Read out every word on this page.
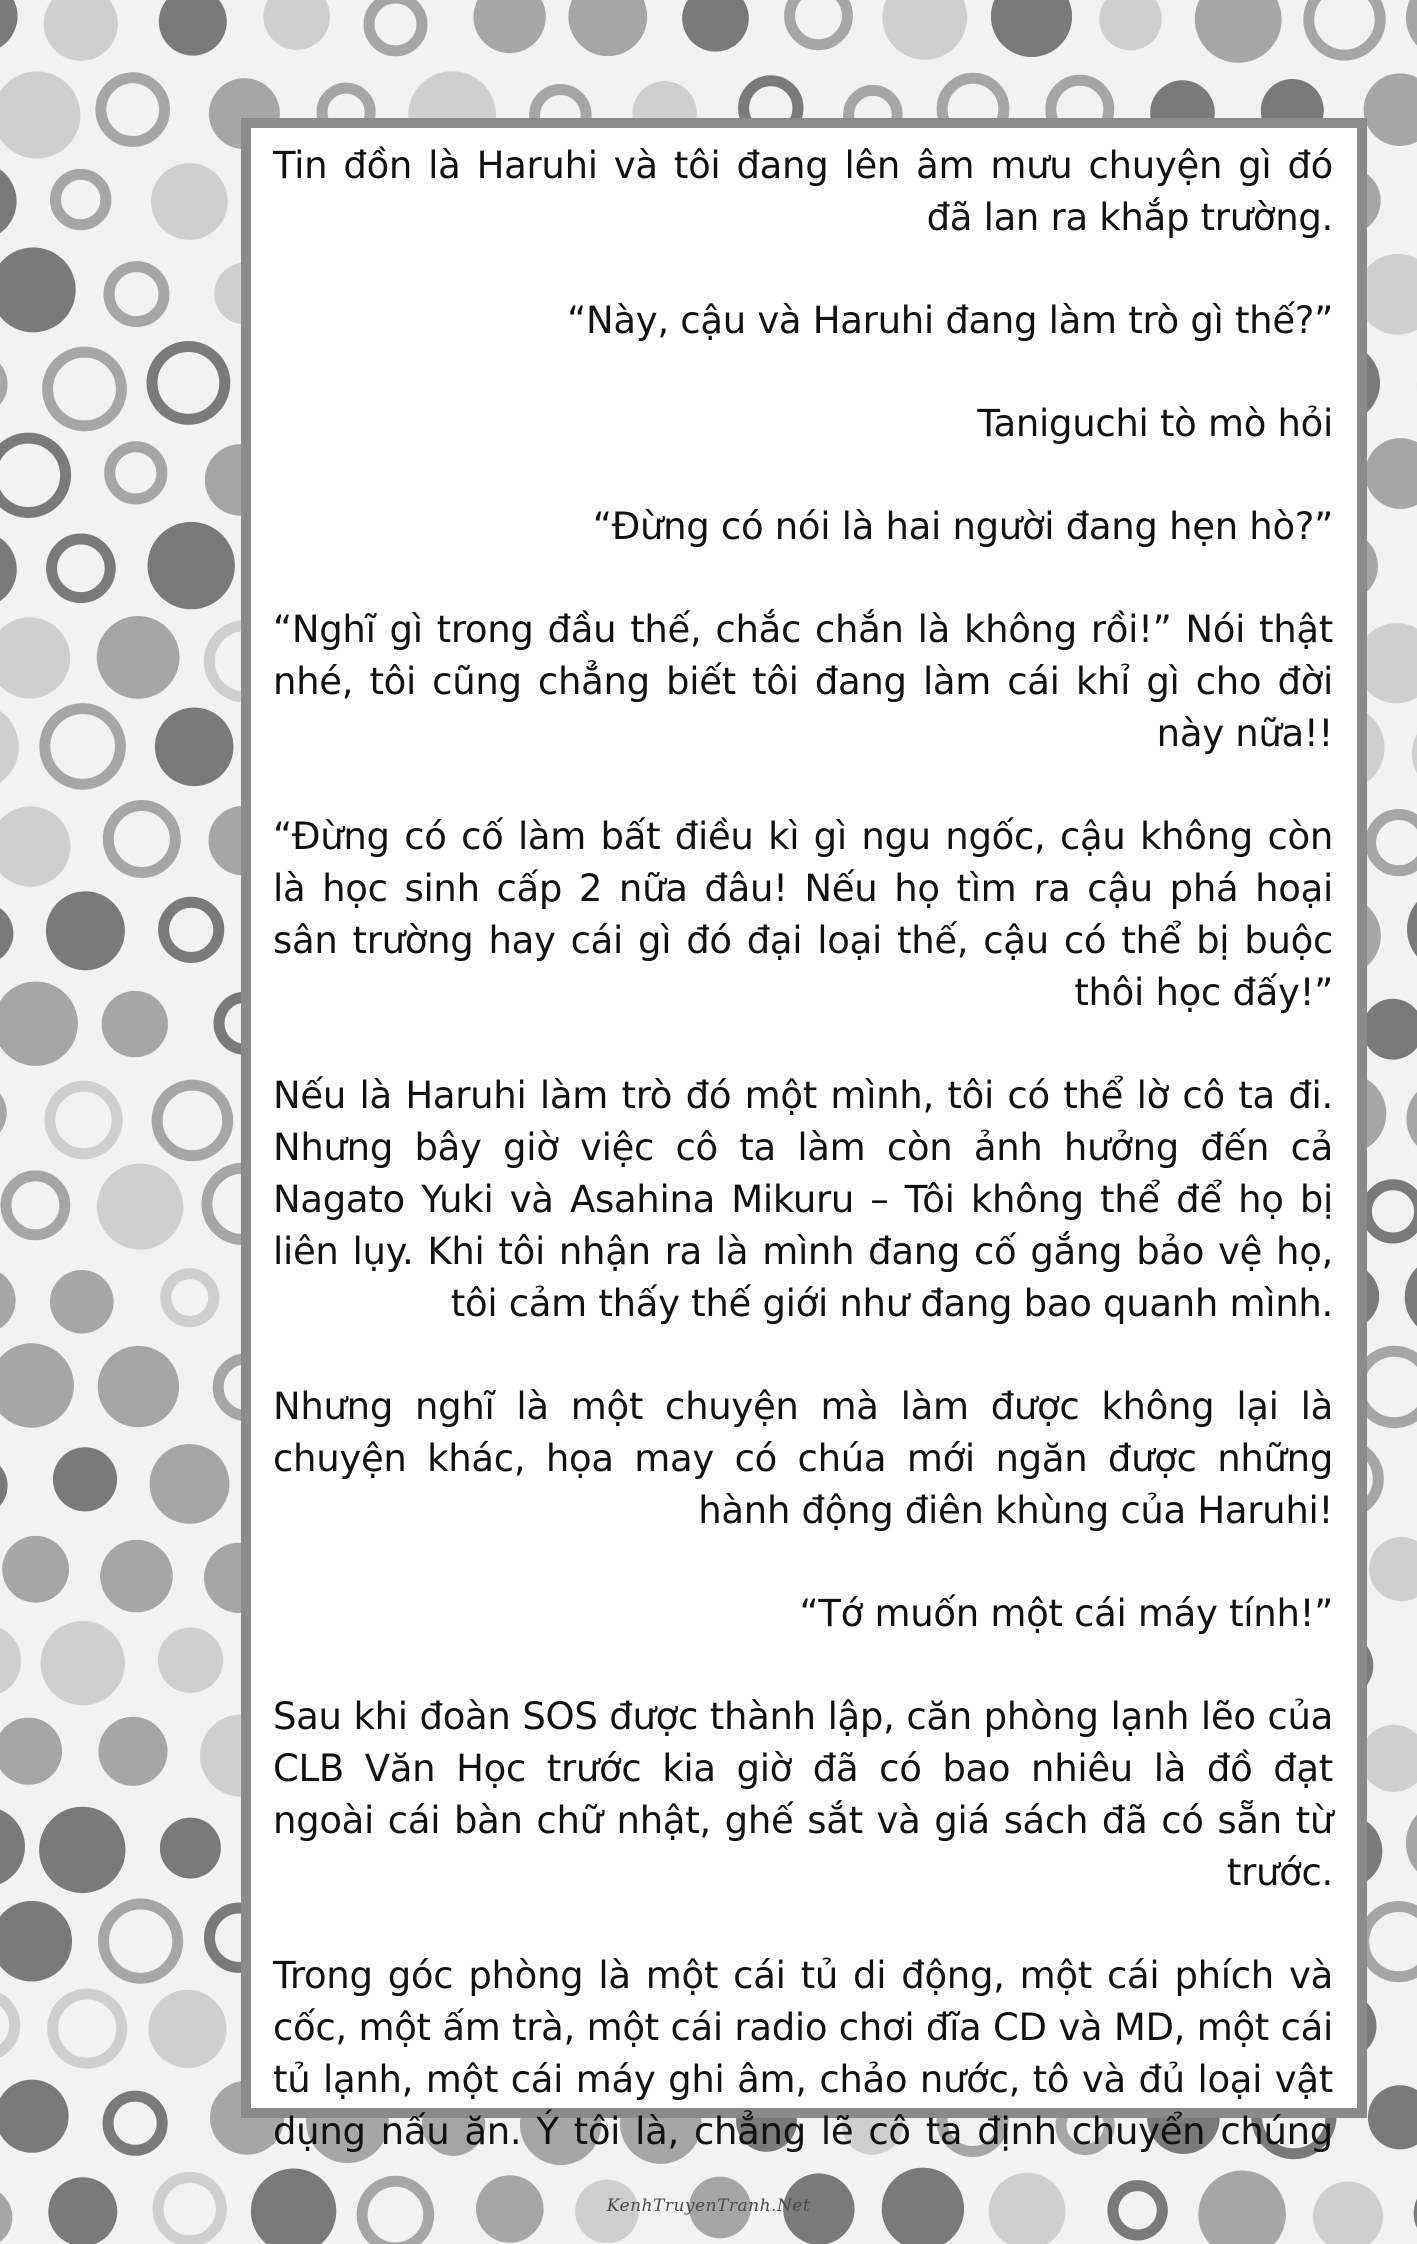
Tin đồn là Haruhi và tôi đang lên âm mưu chuyện gì đó đã lan ra khắp trường.

“Này, cậu và Haruhi đang làm trò gì thế?”

Taniguchi tò mò hỏi

“Đừng có nói là hai người đang hẹn hò?”

“Nghĩ gì trong đầu thế, chắc chắn là không rồi!” Nói thật nhé, tôi cũng chẳng biết tôi đang làm cái khỉ gì cho đời này nữa!!

“Đừng có cố làm bất điều kì gì ngu ngốc, cậu không còn là học sinh cấp 2 nữa đâu! Nếu họ tìm ra cậu phá hoại sân trường hay cái gì đó đại loại thế, cậu có thể bị buộc thôi học đấy!”

Nếu là Haruhi làm trò đó một mình, tôi có thể lờ cô ta đi. Nhưng bây giờ việc cô ta làm còn ảnh hưởng đến cả Nagato Yuki và Asahina Mikuru – Tôi không thể để họ bị liên lụy. Khi tôi nhận ra là mình đang cố gắng bảo vệ họ, tôi cảm thấy thế giới như đang bao quanh mình.

Nhưng nghĩ là một chuyện mà làm được không lại là chuyện khác, họa may có chúa mới ngăn được những hành động điên khùng của Haruhi!

“Tớ muốn một cái máy tính!”

Sau khi đoàn SOS được thành lập, căn phòng lạnh lẽo của CLB Văn Học trước kia giờ đã có bao nhiêu là đồ đạt ngoài cái bàn chữ nhật, ghế sắt và giá sách đã có sẵn từ trước.

Trong góc phòng là một cái tủ di động, một cái phích và cốc, một ấm trà, một cái radio chơi đĩa CD và MD, một cái tủ lạnh, một cái máy ghi âm, chảo nước, tô và đủ loại vật dụng nấu ăn. Ý tôi là, chẳng lẽ cô ta định chuyển chúng

KenhTruyenTranh.Net
